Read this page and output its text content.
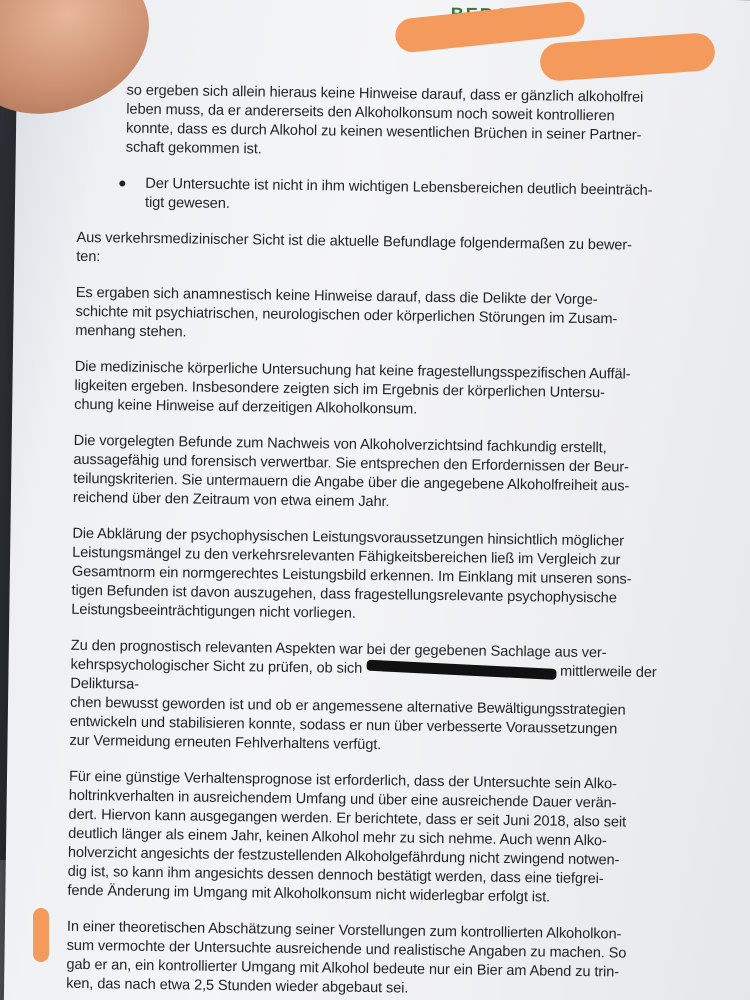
so ergeben sich allein hieraus keine Hinweise darauf, dass er gänzlich alkoholfrei
leben muss, da er andererseits den Alkoholkonsum noch soweit kontrollieren
konnte, dass es durch Alkohol zu keinen wesentlichen Brüchen in seiner Partner-
schaft gekommen ist.

Der Untersuchte ist nicht in ihm wichtigen Lebensbereichen deutlich beeinträch-
tigt gewesen.

Aus verkehrsmedizinischer Sicht ist die aktuelle Befundlage folgendermaßen zu bewer-
ten:

Es ergaben sich anamnestisch keine Hinweise darauf, dass die Delikte der Vorge-
schichte mit psychiatrischen, neurologischen oder körperlichen Störungen im Zusam-
menhang stehen.

Die medizinische körperliche Untersuchung hat keine fragestellungsspezifischen Auffäl-
ligkeiten ergeben. Insbesondere zeigten sich im Ergebnis der körperlichen Untersu-
chung keine Hinweise auf derzeitigen Alkoholkonsum.

Die vorgelegten Befunde zum Nachweis von Alkoholverzichtsind fachkundig erstellt,
aussagefähig und forensisch verwertbar. Sie entsprechen den Erfordernissen der Beur-
teilungskriterien. Sie untermauern die Angabe über die angegebene Alkoholfreiheit aus-
reichend über den Zeitraum von etwa einem Jahr.

Die Abklärung der psychophysischen Leistungsvoraussetzungen hinsichtlich möglicher
Leistungsmängel zu den verkehrsrelevanten Fähigkeitsbereichen ließ im Vergleich zur
Gesamtnorm ein normgerechtes Leistungsbild erkennen. Im Einklang mit unseren sons-
tigen Befunden ist davon auszugehen, dass fragestellungsrelevante psychophysische
Leistungsbeeinträchtigungen nicht vorliegen.

Zu den prognostisch relevanten Aspekten war bei der gegebenen Sachlage aus ver-
kehrspsychologischer Sicht zu prüfen, ob sich	mittlerweile der Deliktursa-
chen bewusst geworden ist und ob er angemessene alternative Bewältigungsstrategien
entwickeln und stabilisieren konnte, sodass er nun über verbesserte Voraussetzungen
zur Vermeidung erneuten Fehlverhaltens verfügt.

Für eine günstige Verhaltensprognose ist erforderlich, dass der Untersuchte sein Alko-
holtrinkverhalten in ausreichendem Umfang und über eine ausreichende Dauer verän-
dert. Hiervon kann ausgegangen werden. Er berichtete, dass er seit Juni 2018, also seit
deutlich länger als einem Jahr, keinen Alkohol mehr zu sich nehme. Auch wenn Alko-
holverzicht angesichts der festzustellenden Alkoholgefährdung nicht zwingend notwen-
dig ist, so kann ihm angesichts dessen dennoch bestätigt werden, dass eine tiefgrei-
fende Änderung im Umgang mit Alkoholkonsum nicht widerlegbar erfolgt ist.

In einer theoretischen Abschätzung seiner Vorstellungen zum kontrollierten Alkoholkon-
sum vermochte der Untersuchte ausreichende und realistische Angaben zu machen. So
gab er an, ein kontrollierter Umgang mit Alkohol bedeute nur ein Bier am Abend zu trin-
ken, das nach etwa 2,5 Stunden wieder abgebaut sei.
